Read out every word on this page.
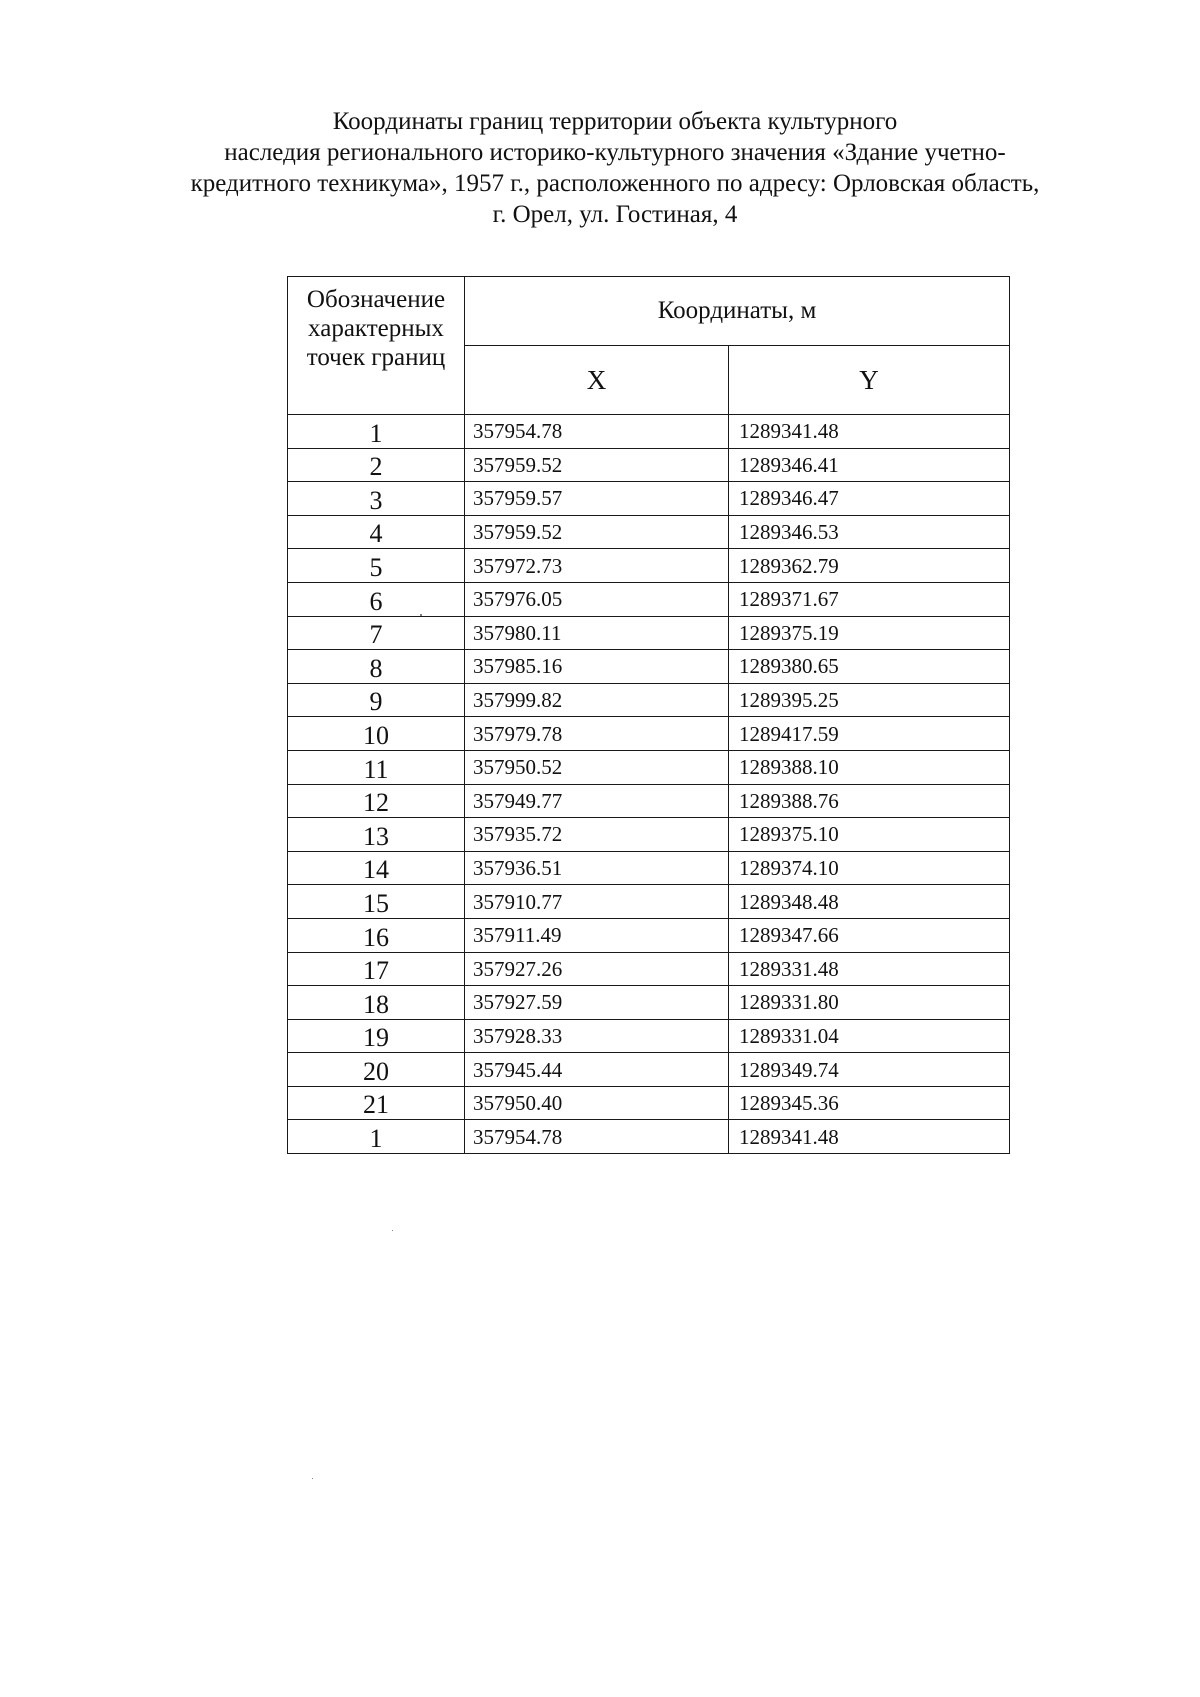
Координаты границ территории объекта культурного
наследия регионального историко-культурного значения «Здание учетно-
кредитного техникума», 1957 г., расположенного по адресу: Орловская область,
г. Орел, ул. Гостиная, 4
Обозначение характерных точек границ	Координаты, м	
	X	Y
1	357954.78	1289341.48
2	357959.52	1289346.41
3	357959.57	1289346.47
4	357959.52	1289346.53
5	357972.73	1289362.79
6	357976.05	1289371.67
7	357980.11	1289375.19
8	357985.16	1289380.65
9	357999.82	1289395.25
10	357979.78	1289417.59
11	357950.52	1289388.10
12	357949.77	1289388.76
13	357935.72	1289375.10
14	357936.51	1289374.10
15	357910.77	1289348.48
16	357911.49	1289347.66
17	357927.26	1289331.48
18	357927.59	1289331.80
19	357928.33	1289331.04
20	357945.44	1289349.74
21	357950.40	1289345.36
1	357954.78	1289341.48
